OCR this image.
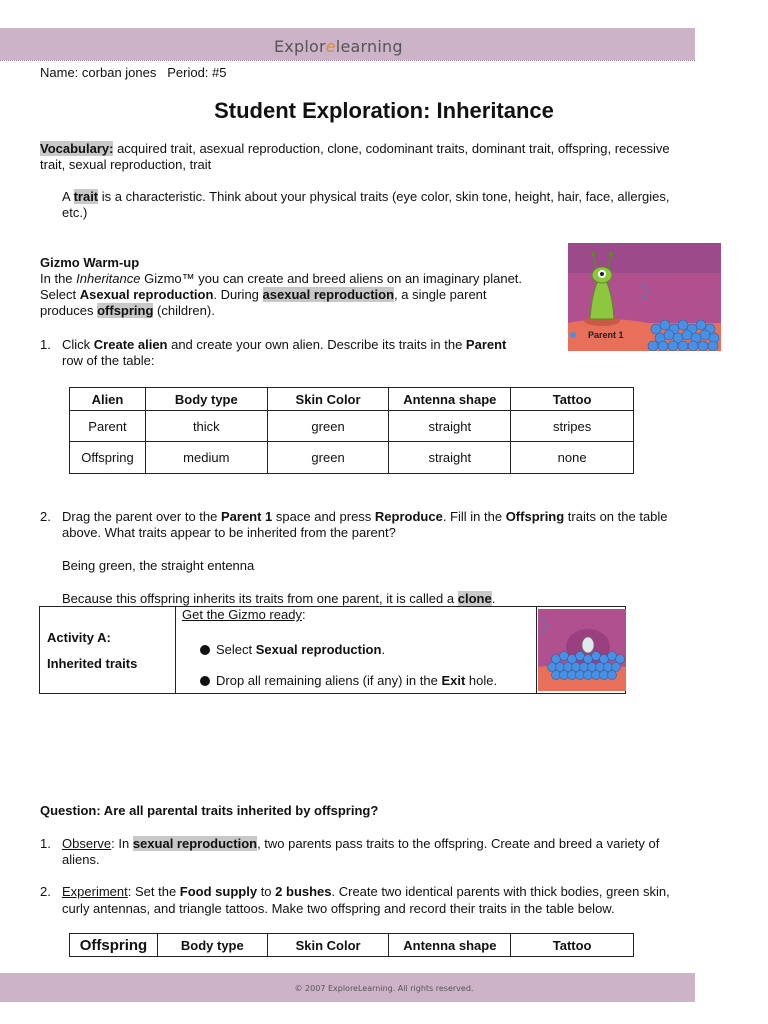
Explorelearning
Name: corban jones Period: #5
Student Exploration: Inheritance
Vocabulary: acquired trait, asexual reproduction, clone, codominant traits, dominant trait, offspring, recessive
trait, sexual reproduction, trait
A trait is a characteristic. Think about your physical traits (eye color, skin tone, height, hair, face, allergies,
etc.)
Gizmo Warm-up
In the Inheritance Gizmo™ you can create and breed aliens on an imaginary planet.
Select Asexual reproduction. During asexual reproduction, a single parent
produces offspring (children).
Parent 1
1. Click Create alien and create your own alien. Describe its traits in the Parent
row of the table:
Alien	Body type	Skin Color	Antenna shape	Tattoo
Parent	thick	green	straight	stripes
Offspring	medium	green	straight	none
2. Drag the parent over to the Parent 1 space and press Reproduce. Fill in the Offspring traits on the table
above. What traits appear to be inherited from the parent?
Being green, the straight entenna
Because this offspring inherits its traits from one parent, it is called a clone.
Activity A:
Inherited traits
Get the Gizmo ready:
Select Sexual reproduction.
Drop all remaining aliens (if any) in the Exit hole.
Question: Are all parental traits inherited by offspring?
1. Observe: In sexual reproduction, two parents pass traits to the offspring. Create and breed a variety of
aliens.
2. Experiment: Set the Food supply to 2 bushes. Create two identical parents with thick bodies, green skin,
curly antennas, and triangle tattoos. Make two offspring and record their traits in the table below.
Offspring	Body type	Skin Color	Antenna shape	Tattoo
© 2007 ExploreLearning. All rights reserved.
